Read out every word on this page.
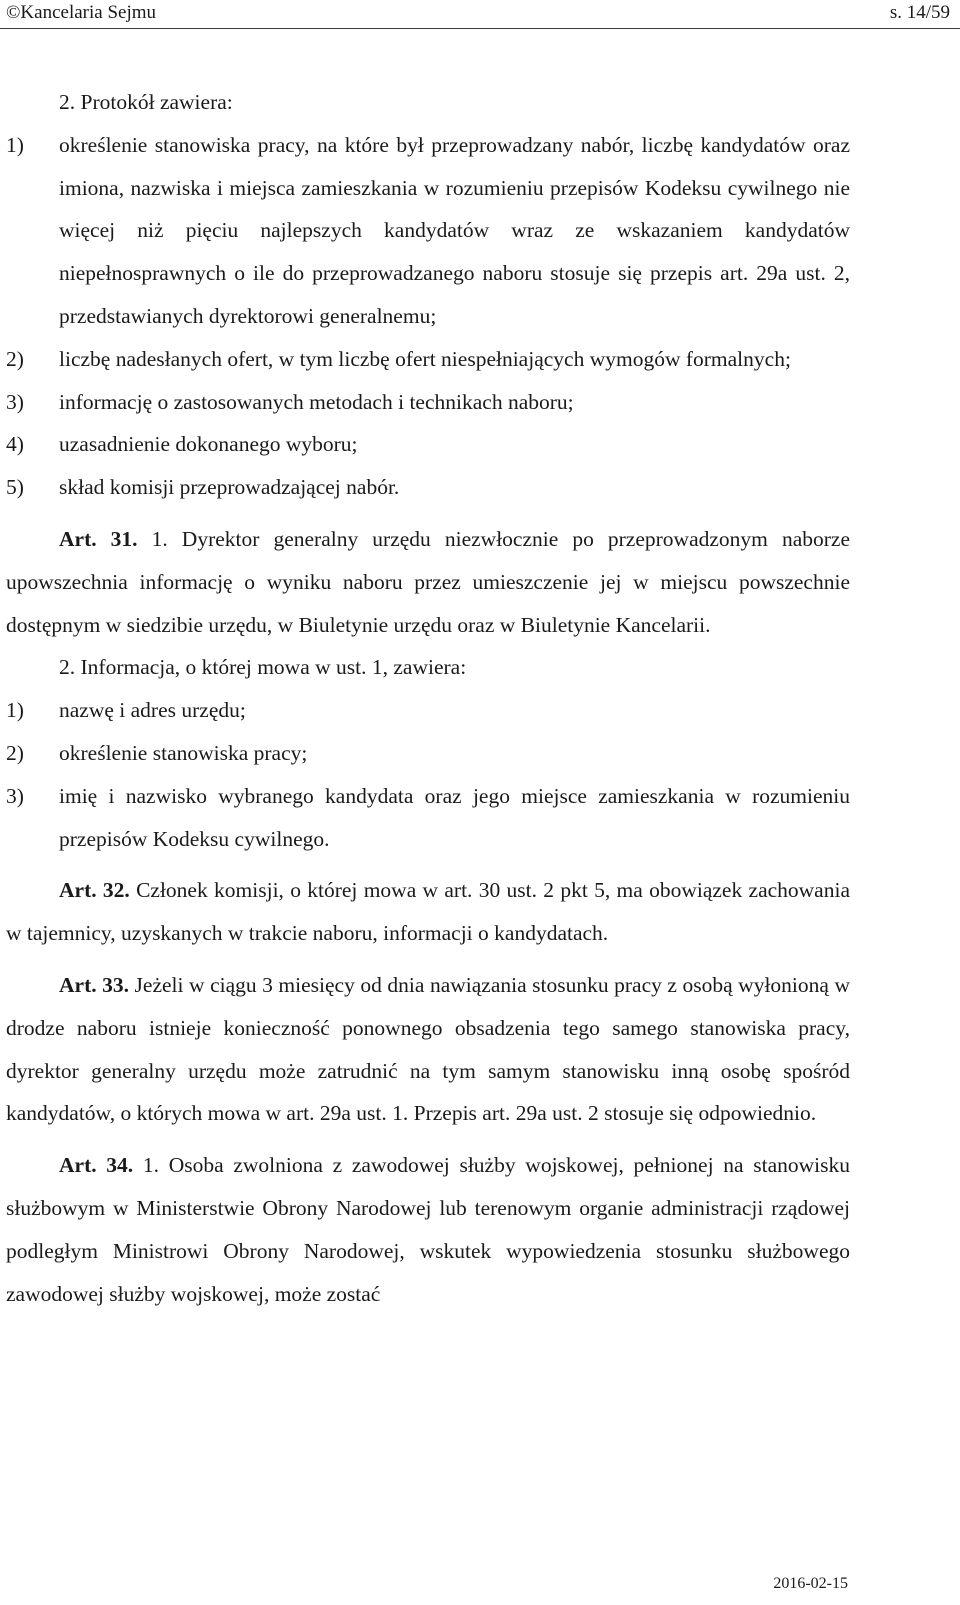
©Kancelaria Sejmu	s. 14/59

2. Protokół zawiera:

1)	określenie stanowiska pracy, na które był przeprowadzany nabór, liczbę kandydatów oraz imiona, nazwiska i miejsca zamieszkania w rozumieniu przepisów Kodeksu cywilnego nie więcej niż pięciu najlepszych kandydatów wraz ze wskazaniem kandydatów niepełnosprawnych o ile do przeprowadzanego naboru stosuje się przepis art. 29a ust. 2, przedstawianych dyrektorowi generalnemu;
2)	liczbę nadesłanych ofert, w tym liczbę ofert niespełniających wymogów formalnych;
3)	informację o zastosowanych metodach i technikach naboru;
4)	uzasadnienie dokonanego wyboru;
5)	skład komisji przeprowadzającej nabór.

Art. 31. 1. Dyrektor generalny urzędu niezwłocznie po przeprowadzonym naborze upowszechnia informację o wyniku naboru przez umieszczenie jej w miejscu powszechnie dostępnym w siedzibie urzędu, w Biuletynie urzędu oraz w Biuletynie Kancelarii.

2. Informacja, o której mowa w ust. 1, zawiera:

1)	nazwę i adres urzędu;
2)	określenie stanowiska pracy;
3)	imię i nazwisko wybranego kandydata oraz jego miejsce zamieszkania w rozumieniu przepisów Kodeksu cywilnego.

Art. 32. Członek komisji, o której mowa w art. 30 ust. 2 pkt 5, ma obowiązek zachowania w tajemnicy, uzyskanych w trakcie naboru, informacji o kandydatach.

Art. 33. Jeżeli w ciągu 3 miesięcy od dnia nawiązania stosunku pracy z osobą wyłonioną w drodze naboru istnieje konieczność ponownego obsadzenia tego samego stanowiska pracy, dyrektor generalny urzędu może zatrudnić na tym samym stanowisku inną osobę spośród kandydatów, o których mowa w art. 29a ust. 1. Przepis art. 29a ust. 2 stosuje się odpowiednio.

Art. 34. 1. Osoba zwolniona z zawodowej służby wojskowej, pełnionej na stanowisku służbowym w Ministerstwie Obrony Narodowej lub terenowym organie administracji rządowej podległym Ministrowi Obrony Narodowej, wskutek wypowiedzenia stosunku służbowego zawodowej służby wojskowej, może zostać

2016-02-15
